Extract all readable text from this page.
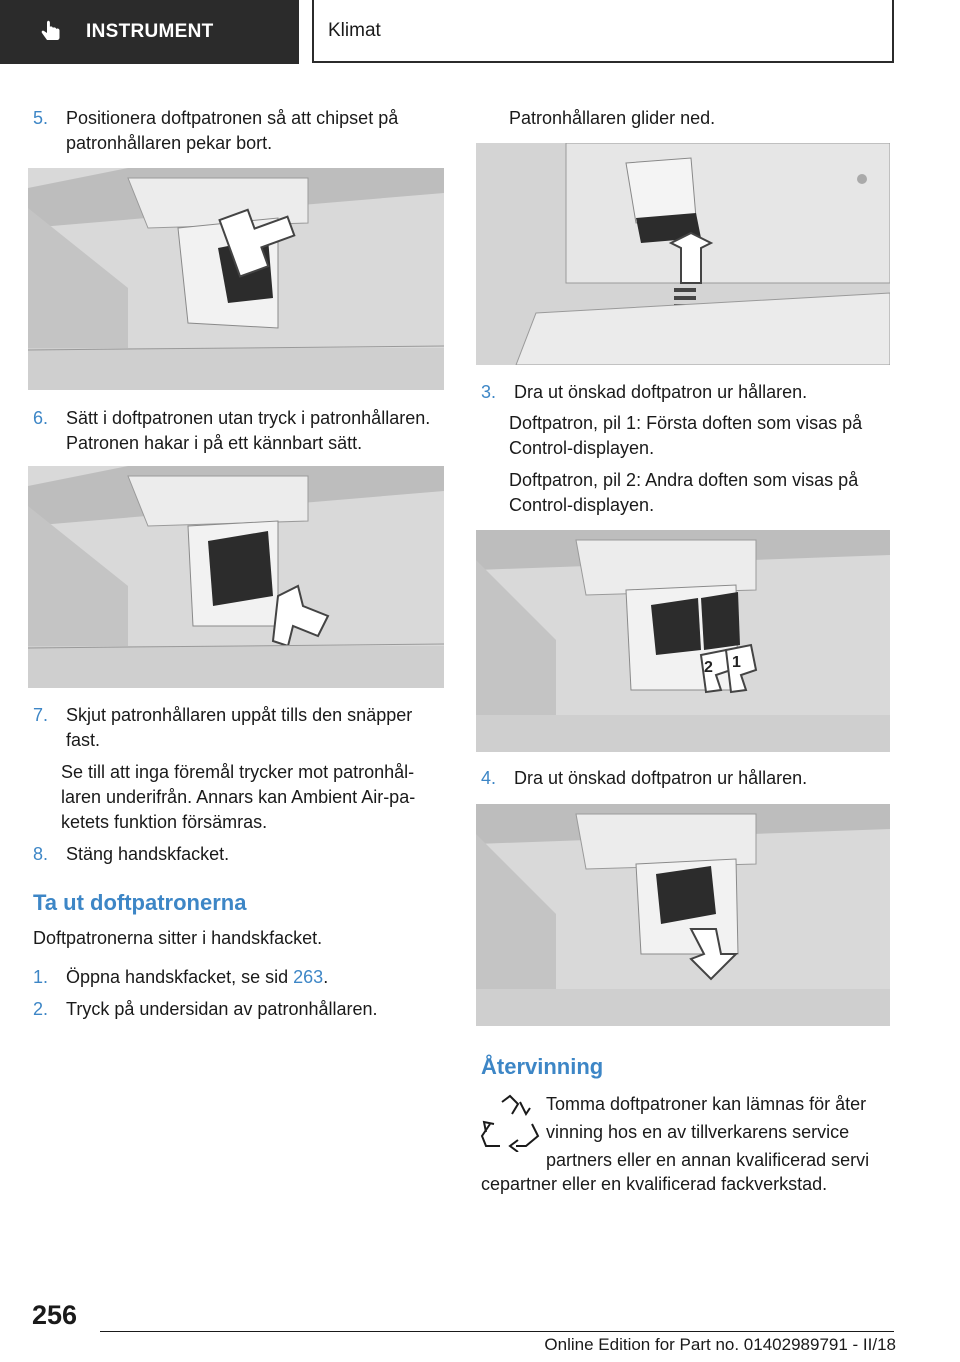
INSTRUMENT	Klimat
5. Positionera doftpatronen så att chipset på patronhållaren pekar bort.
6. Sätt i doftpatronen utan tryck i patronhållaren. Patronen hakar i på ett kännbart sätt.
7. Skjut patronhållaren uppåt tills den snäpper fast.
Se till att inga föremål trycker mot patronhållaren underifrån. Annars kan Ambient Air-paketets funktion försämras.
8. Stäng handskfacket.
Ta ut doftpatronerna
Doftpatronerna sitter i handskfacket.
1. Öppna handskfacket, se sid 263.
2. Tryck på undersidan av patronhållaren.
Patronhållaren glider ned.
3. Dra ut önskad doftpatron ur hållaren.
Doftpatron, pil 1: Första doften som visas på Control-displayen.
Doftpatron, pil 2: Andra doften som visas på Control-displayen.
2 1
4. Dra ut önskad doftpatron ur hållaren.
Återvinning
Tomma doftpatroner kan lämnas för åter
vinning hos en av tillverkarens service
partners eller en annan kvalificerad servi
cepartner eller en kvalificerad fackverkstad.
256
Online Edition for Part no. 01402989791 - II/18
